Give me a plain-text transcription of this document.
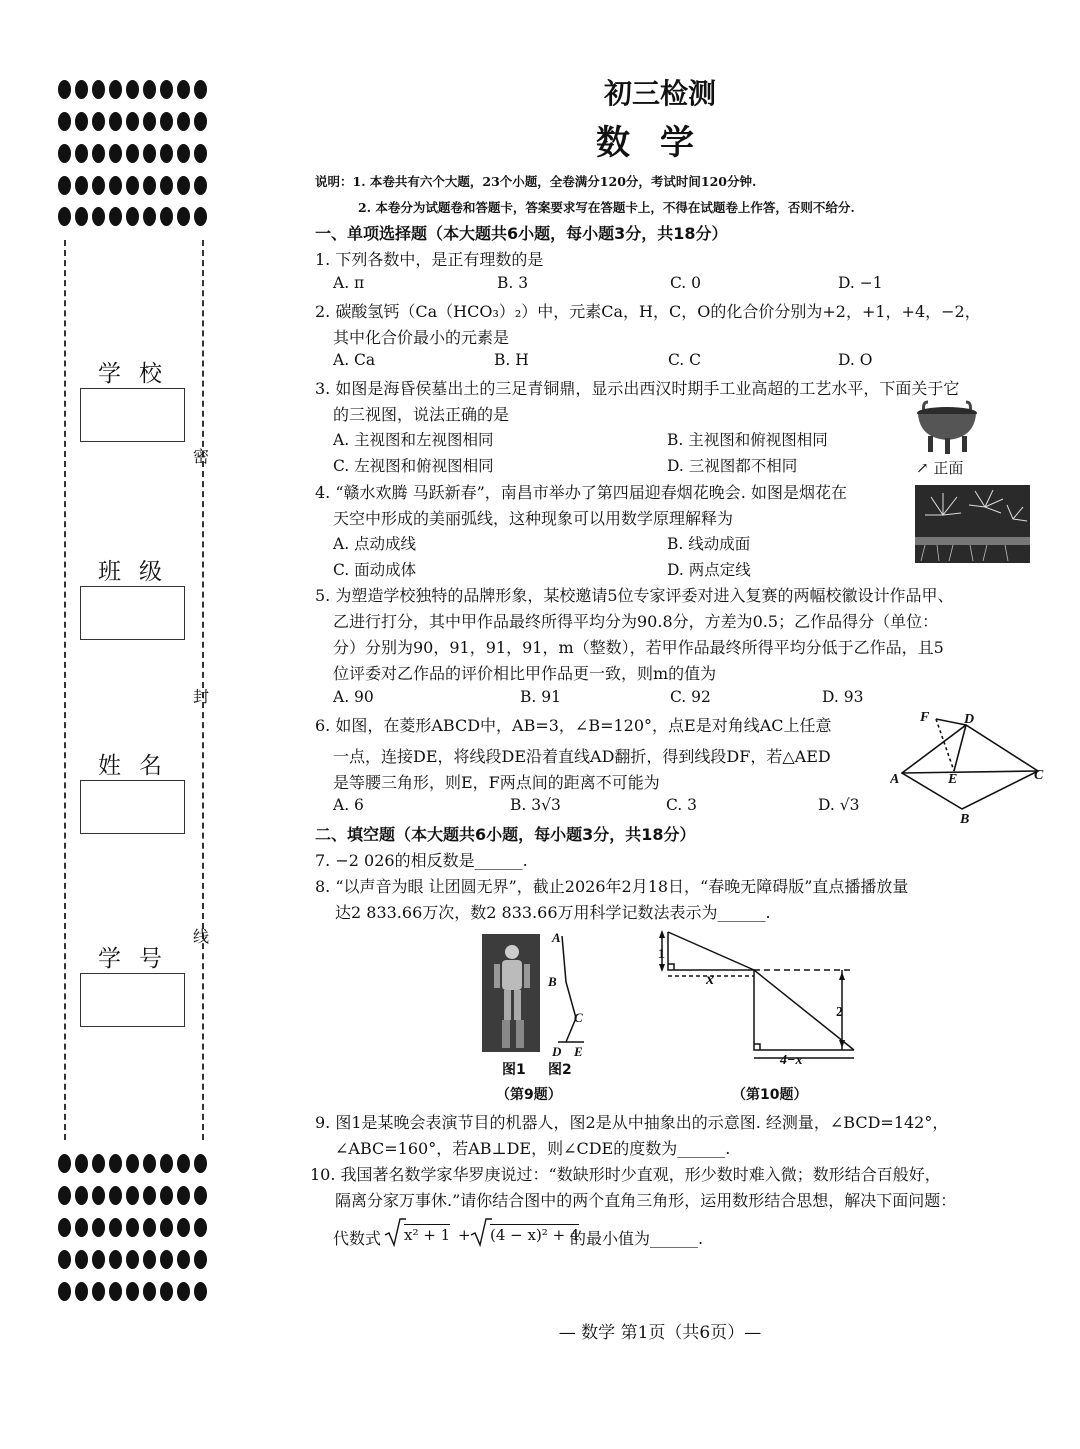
密
封
线
学校
班级
姓名
学号
初三检测
数学
说明：1. 本卷共有六个大题，23个小题，全卷满分120分，考试时间120分钟.
2. 本卷分为试题卷和答题卡，答案要求写在答题卡上，不得在试题卷上作答，否则不给分.
一、单项选择题（本大题共6小题，每小题3分，共18分）
1. 下列各数中，是正有理数的是
A. π	B. 3	C. 0	D. −1
2. 碳酸氢钙（Ca（HCO₃）₂）中，元素Ca，H，C，O的化合价分别为+2，+1，+4，−2，
其中化合价最小的元素是
A. Ca	B. H	C. C	D. O
3. 如图是海昏侯墓出土的三足青铜鼎，显示出西汉时期手工业高超的工艺水平，下面关于它
的三视图，说法正确的是
A. 主视图和左视图相同	B. 主视图和俯视图相同
C. 左视图和俯视图相同	D. 三视图都不相同	↗ 正面
4. “赣水欢腾 马跃新春”，南昌市举办了第四届迎春烟花晚会. 如图是烟花在
天空中形成的美丽弧线，这种现象可以用数学原理解释为
A. 点动成线	B. 线动成面
C. 面动成体	D. 两点定线
5. 为塑造学校独特的品牌形象，某校邀请5位专家评委对进入复赛的两幅校徽设计作品甲、
乙进行打分，其中甲作品最终所得平均分为90.8分，方差为0.5；乙作品得分（单位：
分）分别为90，91，91，91，m（整数），若甲作品最终所得平均分低于乙作品，且5
位评委对乙作品的评价相比甲作品更一致，则m的值为
A. 90	B. 91	C. 92	D. 93
6. 如图，在菱形ABCD中，AB=3，∠B=120°，点E是对角线AC上任意
一点，连接DE，将线段DE沿着直线AD翻折，得到线段DF，若△AED
是等腰三角形，则E，F两点间的距离不可能为
A. 6	B. 3√3	C. 3	D. √3
F D
A	E	C
B
二、填空题（本大题共6小题，每小题3分，共18分）
7. −2 026的相反数是______.
8. “以声音为眼 让团圆无界”，截止2026年2月18日，“春晚无障碍版”直点播播放量
达2 833.66万次，数2 833.66万用科学记数法表示为______.
A
B
C
D E
图1 图2
（第9题）
1
x
2
4−x
（第10题）
9. 图1是某晚会表演节目的机器人，图2是从中抽象出的示意图. 经测量，∠BCD=142°，
∠ABC=160°，若AB⊥DE，则∠CDE的度数为______.
10. 我国著名数学家华罗庚说过：“数缺形时少直观，形少数时难入微；数形结合百般好，
隔离分家万事休.”请你结合图中的两个直角三角形，运用数形结合思想，解决下面问题：
代数式 x² + 1 + (4 − x)² + 4
的最小值为______.
— 数学 第1页（共6页）—
